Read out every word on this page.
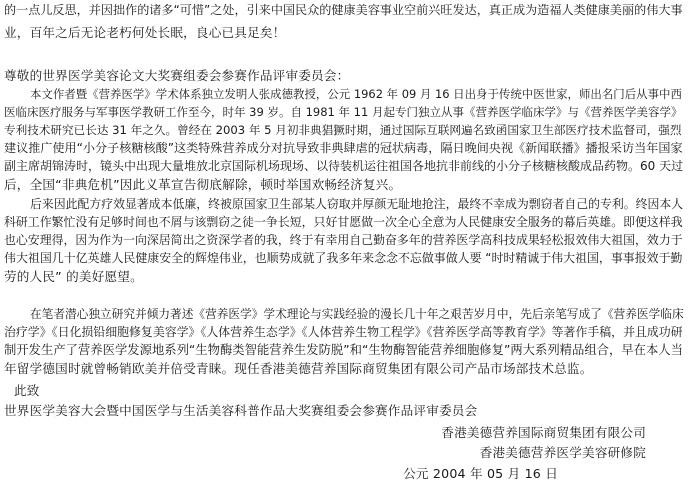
的一点儿反思，并因拙作的诸多“可惜”之处，引来中国民众的健康美容事业空前兴旺发达，真正成为造福人类健康美丽的伟大事
业，百年之后无论老朽何处长眠，良心已具足矣！
尊敬的世界医学美容论文大奖赛组委会参赛作品评审委员会：
本文作者暨《营养医学》学术体系独立发明人张成德教授，公元 1962 年 09 月 16 日出身于传统中医世家，师出名门后从事中西
医临床医疗服务与军事医学教研工作至今，时年 39 岁。自 1981 年 11 月起专门独立从事《营养医学临床学》与《营养医学美容学》
专利技术研究已长达 31 年之久。曾经在 2003 年 5 月初非典猖獗时期，通过国际互联网遍名致函国家卫生部医疗技术监督司，强烈
建议推广使用“小分子核糖核酸”这类特殊营养成分对抗导致非典肆虐的冠状病毒，隔日晚间央视《新闻联播》播报采访当年国家
副主席胡锦涛时，镜头中出现大量堆放北京国际机场现场、以待装机运往祖国各地抗非前线的小分子核糖核酸成品药物。60 天过
后，全国“非典危机”因此义革宣告彻底解除，顿时举国欢畅经济复兴。
后来因此配方疗效显著成本低廉，终被原国家卫生部某人窃取并厚颜无耻地抢注，最终不幸成为剽窃者自己的专利。终因本人
科研工作繁忙没有足够时间也不屑与该剽窃之徒一争长短，只好甘愿做一次全心全意为人民健康安全服务的幕后英雄。即便这样我
也心安理得，因为作为一向深居简出之资深学者的我，终于有幸用自己勤奋多年的营养医学高科技成果轻松报效伟大祖国，效力于
伟大祖国几十亿英雄人民健康安全的辉煌伟业，也顺势成就了我多年来念念不忘做事做人要 “时时精诚于伟大祖国，事事报效于勤
劳的人民” 的美好愿望。
在笔者潜心独立研究并倾力著述《营养医学》学术理论与实践经验的漫长几十年之艰苦岁月中，先后亲笔写成了《营养医学临床
治疗学》《日化损铅细胞修复美容学》《人体营养生态学》《人体营养生物工程学》《营养医学高等教育学》等著作手稿，并且成功研
制开发生产了营养医学发源地系列“生物酶类智能营养生发防脱”和“生物酶智能营养细胞修复”两大系列精品组合，早在本人当
年留学德国时就曾畅销欧美并倍受青睐。现任香港美德营养国际商贸集团有限公司产品市场部技术总监。
此致
世界医学美容大会暨中国医学与生活美容科普作品大奖赛组委会参赛作品评审委员会
香港美德营养国际商贸集团有限公司
香港美德营养医学美容研修院
公元 2004 年 05 月 16 日
